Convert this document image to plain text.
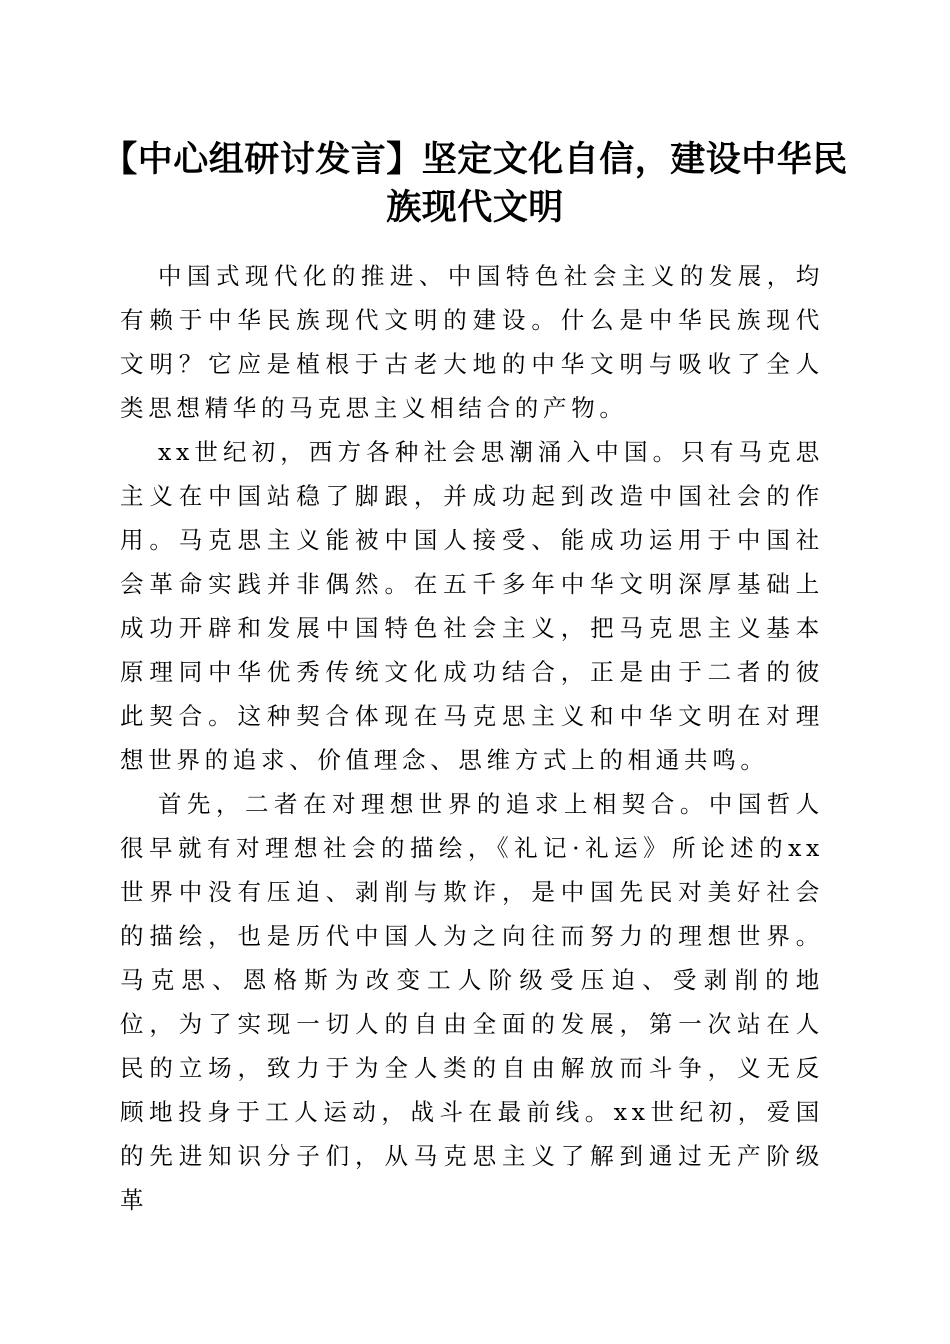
【中心组研讨发言】坚定文化自信，建设中华民族现代文明

中国式现代化的推进、中国特色社会主义的发展，均有赖于中华民族现代文明的建设。什么是中华民族现代文明？它应是植根于古老大地的中华文明与吸收了全人类思想精华的马克思主义相结合的产物。

xx世纪初，西方各种社会思潮涌入中国。只有马克思主义在中国站稳了脚跟，并成功起到改造中国社会的作用。马克思主义能被中国人接受、能成功运用于中国社会革命实践并非偶然。在五千多年中华文明深厚基础上成功开辟和发展中国特色社会主义，把马克思主义基本原理同中华优秀传统文化成功结合，正是由于二者的彼此契合。这种契合体现在马克思主义和中华文明在对理想世界的追求、价值理念、思维方式上的相通共鸣。

首先，二者在对理想世界的追求上相契合。中国哲人很早就有对理想社会的描绘，《礼记·礼运》所论述的xx世界中没有压迫、剥削与欺诈，是中国先民对美好社会的描绘，也是历代中国人为之向往而努力的理想世界。马克思、恩格斯为改变工人阶级受压迫、受剥削的地位，为了实现一切人的自由全面的发展，第一次站在人民的立场，致力于为全人类的自由解放而斗争，义无反顾地投身于工人运动，战斗在最前线。xx世纪初，爱国的先进知识分子们，从马克思主义了解到通过无产阶级革
